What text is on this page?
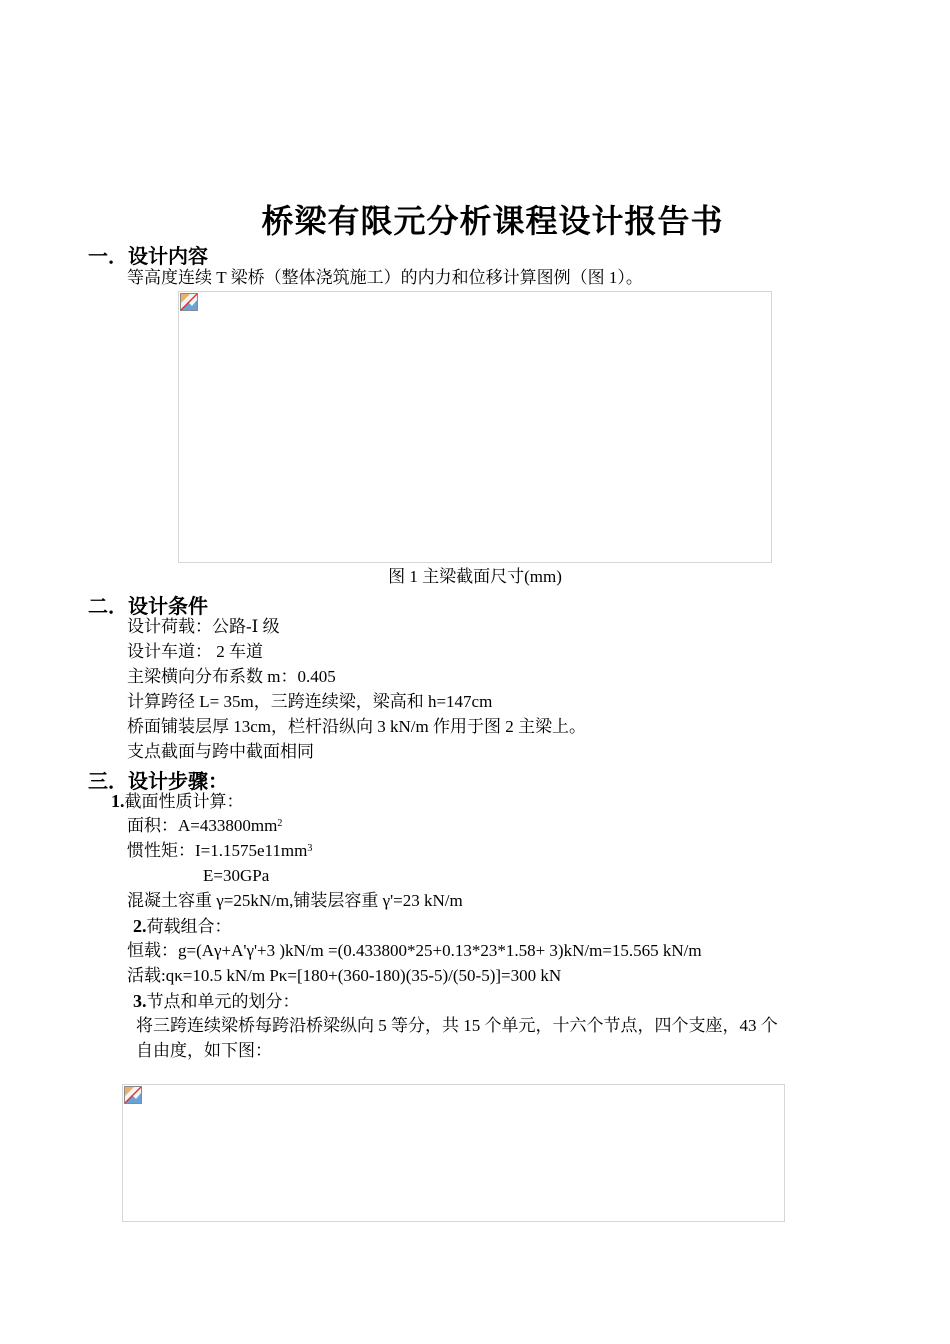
桥梁有限元分析课程设计报告书
一．设计内容
等高度连续 T 梁桥（整体浇筑施工）的内力和位移计算图例（图 1）。
图 1 主梁截面尺寸(mm)
二．设计条件
设计荷载：公路-Ⅰ 级
设计车道： 2 车道
主梁横向分布系数 m：0.405
计算跨径 L= 35m，三跨连续梁，梁高和 h=147cm
桥面铺装层厚 13cm，栏杆沿纵向 3 kN/m 作用于图 2 主梁上。
支点截面与跨中截面相同
三．设计步骤：
1.截面性质计算：
面积：$A=433800mm^2$
惯性矩：$I=1.1575e11mm^3$
E=30GPa
混凝土容重 γ=25kN/m,铺装层容重 γ'=23 kN/m
2.荷载组合：
恒载：g=(Aγ+A'γ'+3 )kN/m =(0.433800*25+0.13*23*1.58+ 3)kN/m=15.565 kN/m
活载:qκ=10.5 kN/m Pκ=[180+(360-180)(35-5)/(50-5)]=300 kN
3.节点和单元的划分：
将三跨连续梁桥每跨沿桥梁纵向 5 等分，共 15 个单元，十六个节点，四个支座，43 个
自由度，如下图：
